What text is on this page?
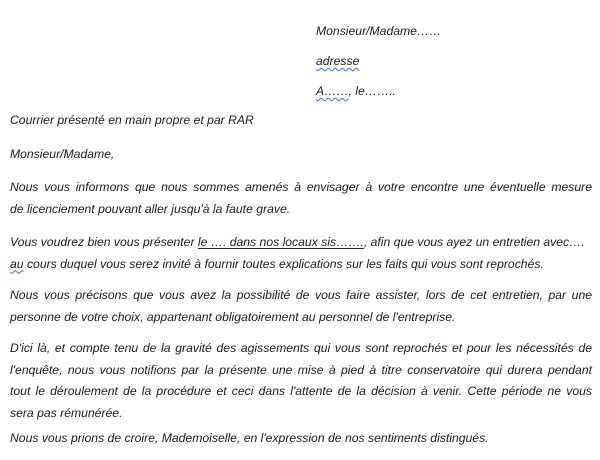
Monsieur/Madame……
adresse
A……, le……..
Courrier présenté en main propre et par RAR
Monsieur/Madame,
Nous vous informons que nous sommes amenés à envisager à votre encontre une éventuelle mesure
de licenciement pouvant aller jusqu'à la faute grave.
Vous voudrez bien vous présenter le …. dans nos locaux sis……., afin que vous ayez un entretien avec….
au cours duquel vous serez invité à fournir toutes explications sur les faits qui vous sont reprochés.
Nous vous précisons que vous avez la possibilité de vous faire assister, lors de cet entretien, par une
personne de votre choix, appartenant obligatoirement au personnel de l'entreprise.
D'ici là, et compte tenu de la gravité des agissements qui vous sont reprochés et pour les nécessités de
l'enquête, nous vous notifions par la présente une mise à pied à titre conservatoire qui durera pendant
tout le déroulement de la procédure et ceci dans l'attente de la décision à venir. Cette période ne vous
sera pas rémunérée.
Nous vous prions de croire, Mademoiselle, en l'expression de nos sentiments distingués.
